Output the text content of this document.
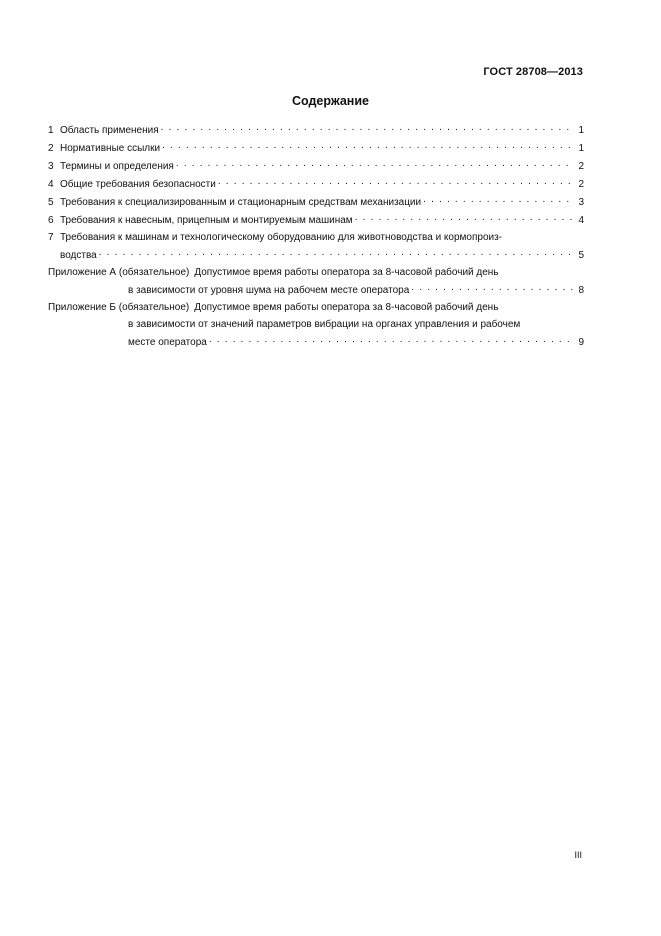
ГОСТ 28708—2013
Содержание
1 Область применения . . .	1
2 Нормативные ссылки . . .	1
3 Термины и определения . . .	2
4 Общие требования безопасности . . .	2
5 Требования к специализированным и стационарным средствам механизации . . .	3
6 Требования к навесным, прицепным и монтируемым машинам . . .	4
7 Требования к машинам и технологическому оборудованию для животноводства и кормопроиз-
водства . . .	5
Приложение А (обязательное) Допустимое время работы оператора за 8-часовой рабочий день
в зависимости от уровня шума на рабочем месте оператора . . .	8
Приложение Б (обязательное) Допустимое время работы оператора за 8-часовой рабочий день
в зависимости от значений параметров вибрации на органах управления и рабочем
месте оператора . . .	9
III
